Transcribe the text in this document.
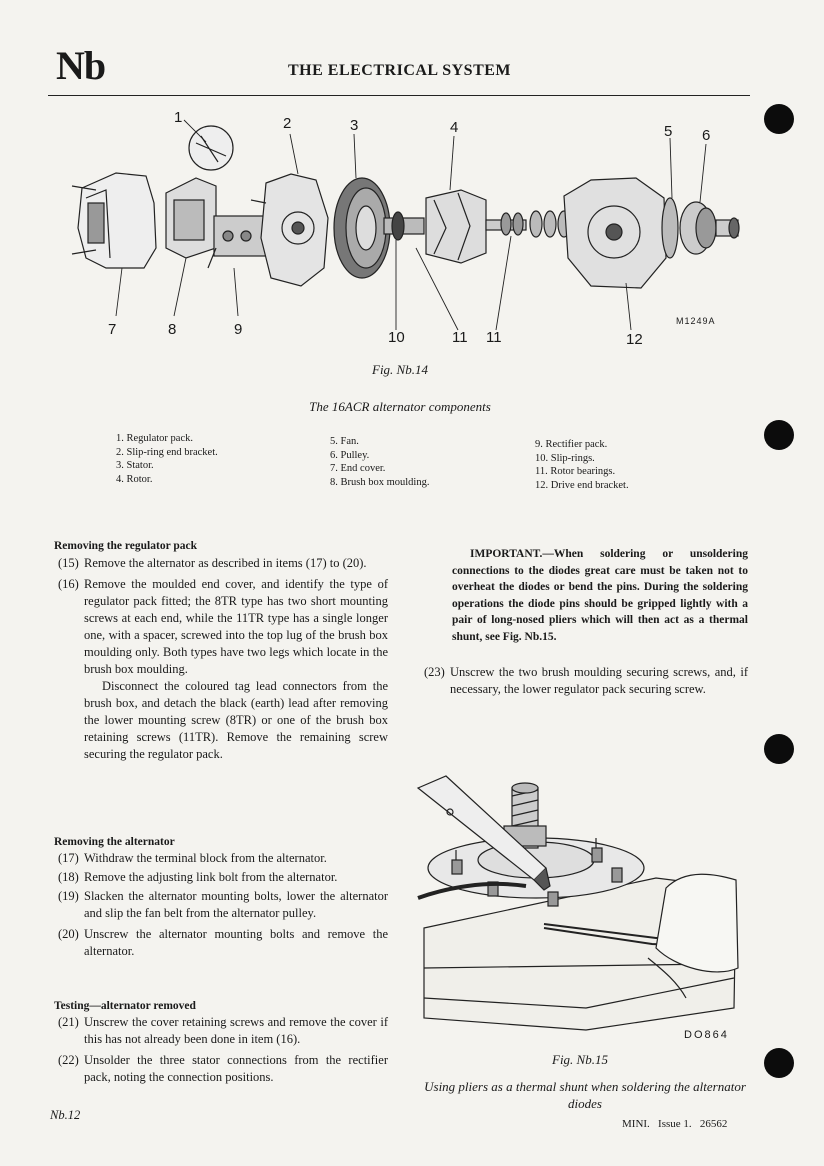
Nb	THE ELECTRICAL SYSTEM
1	2	3	4	5 6
7	8	9	10	11 11	12
M1249A
Fig. Nb.14
The 16ACR alternator components
1. Regulator pack.
2. Slip-ring end bracket.
3. Stator.
4. Rotor.
5. Fan.
6. Pulley.
7. End cover.
8. Brush box moulding.
9. Rectifier pack.
10. Slip-rings.
11. Rotor bearings.
12. Drive end bracket.
Removing the regulator pack

(15) Remove the alternator as described in items (17) to (20).

(16) Remove the moulded end cover, and identify the type of regulator pack fitted; the 8TR type has two short mounting screws at each end, while the 11TR type has a single longer one, with a spacer, screwed into the top lug of the brush box moulding only. Both types have two legs which locate in the brush box moulding.

Disconnect the coloured tag lead connectors from the brush box, and detach the black (earth) lead after removing the lower mounting screw (8TR) or one of the brush box retaining screws (11TR). Remove the remaining screw securing the regulator pack.

Removing the alternator

(17) Withdraw the terminal block from the alternator.

(18) Remove the adjusting link bolt from the alternator.

(19) Slacken the alternator mounting bolts, lower the alternator and slip the fan belt from the alternator pulley.

(20) Unscrew the alternator mounting bolts and remove the alternator.

Testing—alternator removed

(21) Unscrew the cover retaining screws and remove the cover if this has not already been done in item (16).

(22) Unsolder the three stator connections from the rectifier pack, noting the connection positions.

IMPORTANT.—When soldering or unsoldering connections to the diodes great care must be taken not to overheat the diodes or bend the pins. During the soldering operations the diode pins should be gripped lightly with a pair of long-nosed pliers which will then act as a thermal shunt, see Fig. Nb.15.

(23) Unscrew the two brush moulding securing screws, and, if necessary, the lower regulator pack securing screw.

DO864
Fig. Nb.15
Using pliers as a thermal shunt when soldering the alternator diodes
Nb.12
MINI.   Issue 1.   26562
